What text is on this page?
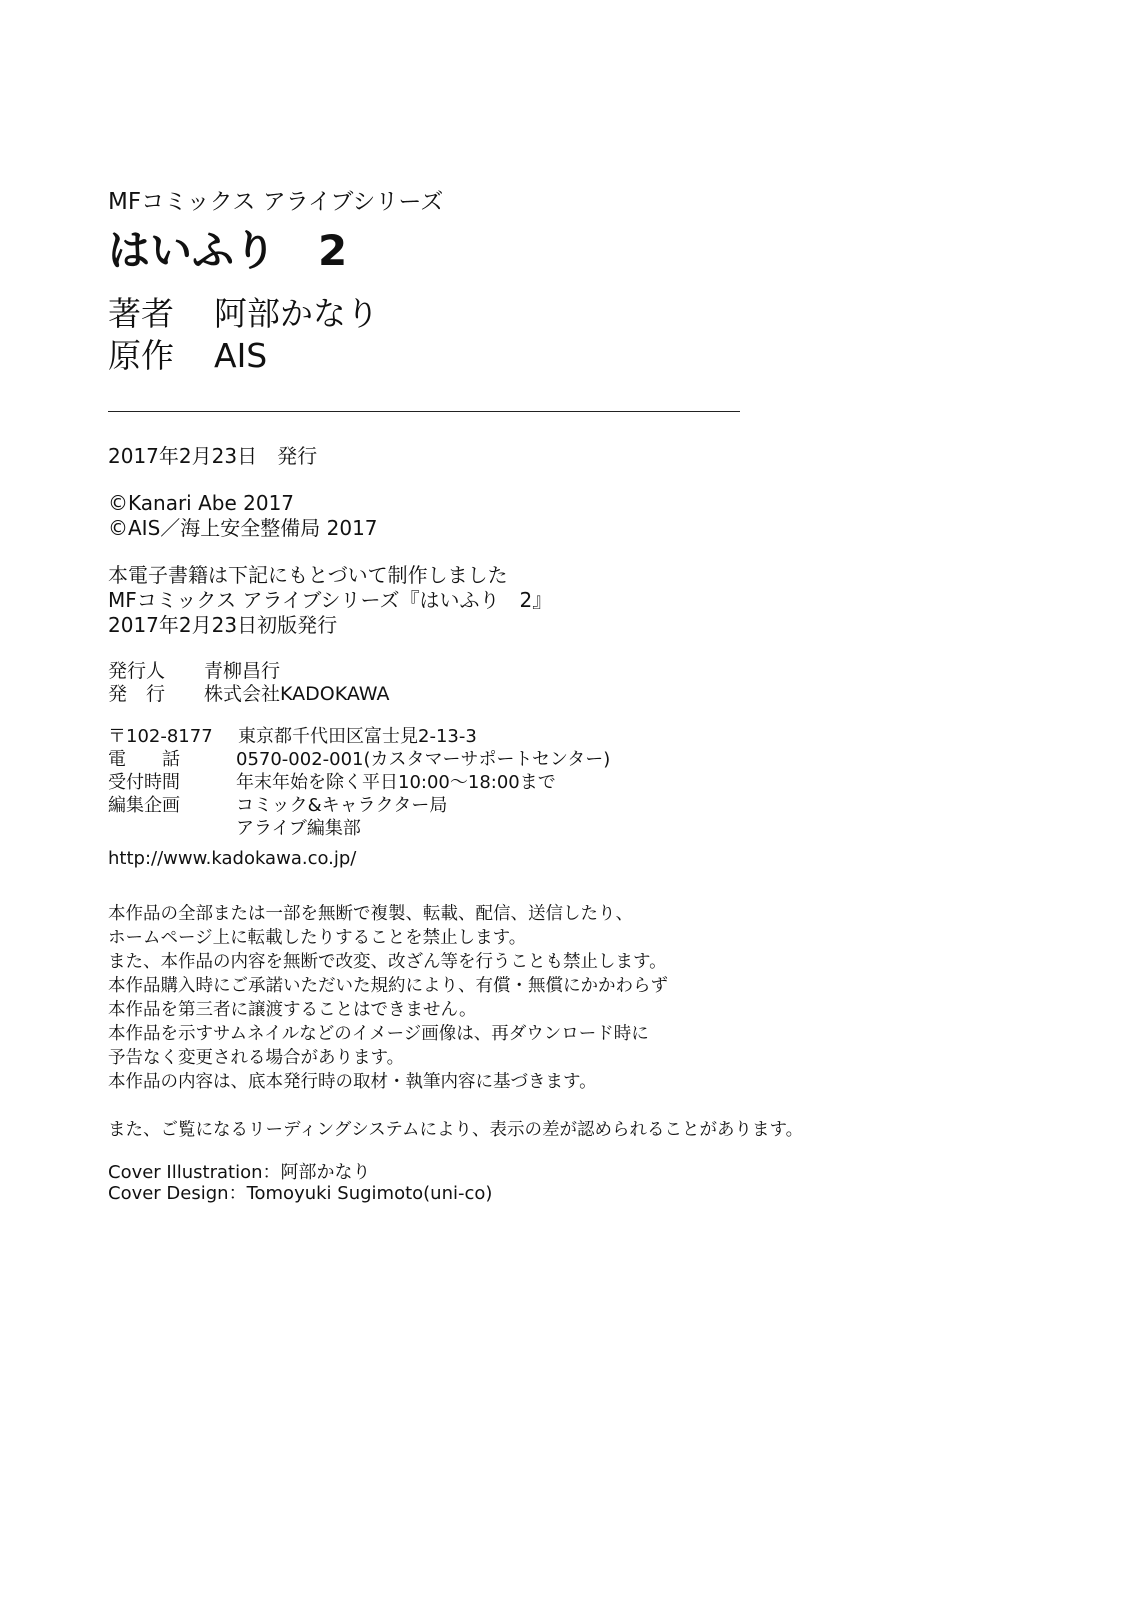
MFコミックス アライブシリーズ
はいふり　2
著者	阿部かなり
原作	AIS
2017年2月23日　発行
©Kanari Abe 2017
©AIS／海上安全整備局 2017
本電子書籍は下記にもとづいて制作しました
MFコミックス アライブシリーズ『はいふり　2』
2017年2月23日初版発行
発行人	青柳昌行
発　行	株式会社KADOKAWA
〒102-8177	東京都千代田区富士見2-13-3
電　　話	0570-002-001(カスタマーサポートセンター)
受付時間	年末年始を除く平日10:00～18:00まで
編集企画	コミック&キャラクター局
アライブ編集部
http://www.kadokawa.co.jp/
本作品の全部または一部を無断で複製、転載、配信、送信したり、
ホームページ上に転載したりすることを禁止します。
また、本作品の内容を無断で改変、改ざん等を行うことも禁止します。
本作品購入時にご承諾いただいた規約により、有償・無償にかかわらず
本作品を第三者に譲渡することはできません。
本作品を示すサムネイルなどのイメージ画像は、再ダウンロード時に
予告なく変更される場合があります。
本作品の内容は、底本発行時の取材・執筆内容に基づきます。
また、ご覧になるリーディングシステムにより、表示の差が認められることがあります。
Cover Illustration：阿部かなり
Cover Design：Tomoyuki Sugimoto(uni-co)
